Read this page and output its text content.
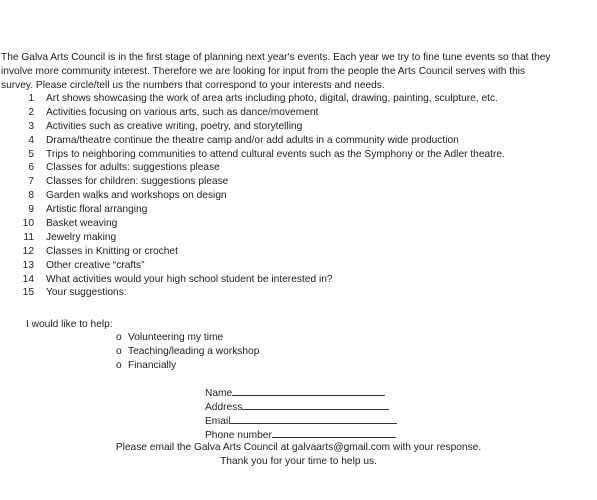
The Galva Arts Council is in the first stage of planning next year's events. Each year we try to fine tune events so that they
involve more community interest. Therefore we are looking for input from the people the Arts Council serves with this
survey. Please circle/tell us the numbers that correspond to your interests and needs.
1 Art shows showcasing the work of area arts including photo, digital, drawing, painting, sculpture, etc.
2 Activities focusing on various arts, such as dance/movement
3 Activities such as creative writing, poetry, and storytelling
4 Drama/theatre continue the theatre camp and/or add adults in a community wide production
5 Trips to neighboring communities to attend cultural events such as the Symphony or the Adler theatre.
6 Classes for adults: suggestions please
7 Classes for children: suggestions please
8 Garden walks and workshops on design
9 Artistic floral arranging
10 Basket weaving
11 Jewelry making
12 Classes in Knitting or crochet
13 Other creative “crafts”
14 What activities would your high school student be interested in?
15 Your suggestions:
I would like to help:
o Volunteering my time
o Teaching/leading a workshop
o Financially
Name
Address
Email
Phone number
Please email the Galva Arts Council at galvaarts@gmail.com with your response.
Thank you for your time to help us.
